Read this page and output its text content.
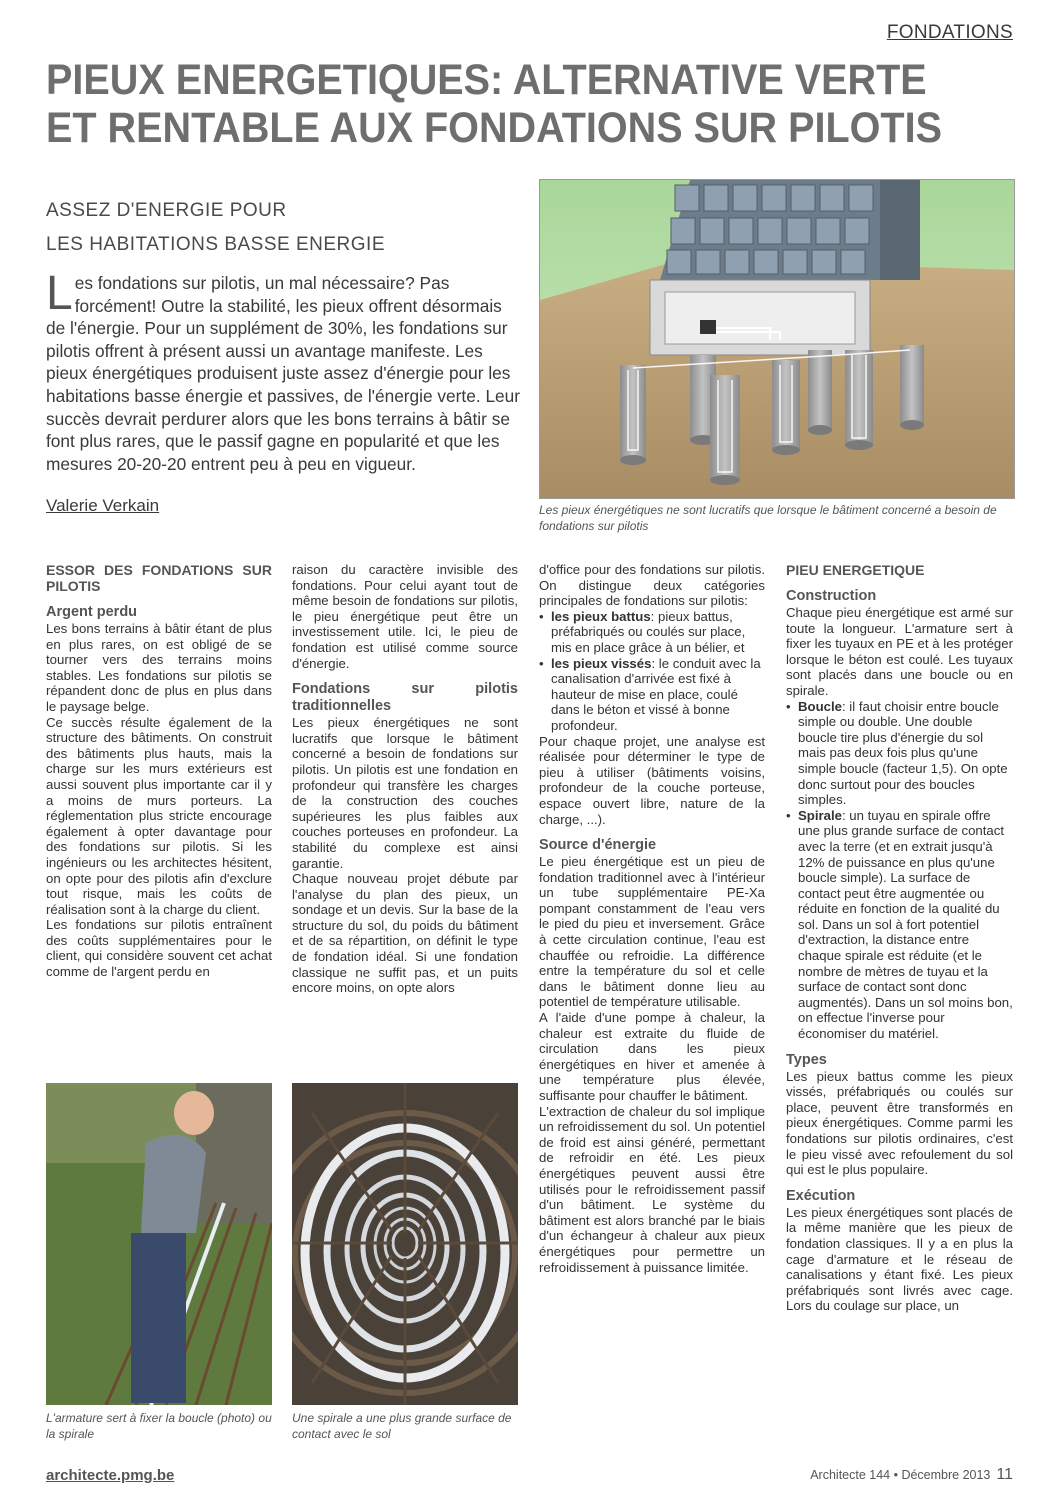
FONDATIONS
PIEUX ENERGETIQUES: ALTERNATIVE VERTE
ET RENTABLE AUX FONDATIONS SUR PILOTIS
ASSEZ D'ENERGIE POUR
LES HABITATIONS BASSE ENERGIE
Les fondations sur pilotis, un mal nécessaire? Pas forcément! Outre la stabilité, les pieux offrent désormais de l'énergie. Pour un supplément de 30%, les fondations sur pilotis offrent à présent aussi un avantage manifeste. Les pieux énergétiques produisent juste assez d'énergie pour les habitations basse énergie et passives, de l'énergie verte. Leur succès devrait perdurer alors que les bons terrains à bâtir se font plus rares, que le passif gagne en popularité et que les mesures 20-20-20 entrent peu à peu en vigueur.
Valerie Verkain	Les pieux énergétiques ne sont lucratifs que lorsque le bâtiment concerné a besoin de fondations sur pilotis
ESSOR DES FONDATIONS SUR PILOTIS
Argent perdu

Les bons terrains à bâtir étant de plus en plus rares, on est obligé de se tourner vers des terrains moins stables. Les fondations sur pilotis se répandent donc de plus en plus dans le paysage belge.

Ce succès résulte également de la structure des bâtiments. On construit des bâtiments plus hauts, mais la charge sur les murs extérieurs est aussi souvent plus importante car il y a moins de murs porteurs. La réglementation plus stricte encourage également à opter davantage pour des fondations sur pilotis. Si les ingénieurs ou les architectes hésitent, on opte pour des pilotis afin d'exclure tout risque, mais les coûts de réalisation sont à la charge du client.

Les fondations sur pilotis entraînent des coûts supplémentaires pour le client, qui considère souvent cet achat comme de l'argent perdu en

raison du caractère invisible des fondations. Pour celui ayant tout de même besoin de fondations sur pilotis, le pieu énergétique peut être un investissement utile. Ici, le pieu de fondation est utilisé comme source d'énergie.

Fondations sur pilotis traditionnelles

Les pieux énergétiques ne sont lucratifs que lorsque le bâtiment concerné a besoin de fondations sur pilotis. Un pilotis est une fondation en profondeur qui transfère les charges de la construction des couches supérieures les plus faibles aux couches porteuses en profondeur. La stabilité du complexe est ainsi garantie.

Chaque nouveau projet débute par l'analyse du plan des pieux, un sondage et un devis. Sur la base de la structure du sol, du poids du bâtiment et de sa répartition, on définit le type de fondation idéal. Si une fondation classique ne suffit pas, et un puits encore moins, on opte alors

L'armature sert à fixer la boucle (photo) ou la spirale
Une spirale a une plus grande surface de contact avec le sol

d'office pour des fondations sur pilotis. On distingue deux catégories principales de fondations sur pilotis:

• les pieux battus: pieux battus, préfabriqués ou coulés sur place, mis en place grâce à un bélier, et
• les pieux vissés: le conduit avec la canalisation d'arrivée est fixé à hauteur de mise en place, coulé dans le béton et vissé à bonne profondeur.

Pour chaque projet, une analyse est réalisée pour déterminer le type de pieu à utiliser (bâtiments voisins, profondeur de la couche porteuse, espace ouvert libre, nature de la charge, ...).

Source d'énergie

Le pieu énergétique est un pieu de fondation traditionnel avec à l'intérieur un tube supplémentaire PE-Xa pompant constamment de l'eau vers le pied du pieu et inversement. Grâce à cette circulation continue, l'eau est chauffée ou refroidie. La différence entre la température du sol et celle dans le bâtiment donne lieu au potentiel de température utilisable.

A l'aide d'une pompe à chaleur, la chaleur est extraite du fluide de circulation dans les pieux énergétiques en hiver et amenée à une température plus élevée, suffisante pour chauffer le bâtiment.

L'extraction de chaleur du sol implique un refroidissement du sol. Un potentiel de froid est ainsi généré, permettant de refroidir en été. Les pieux énergétiques peuvent aussi être utilisés pour le refroidissement passif d'un bâtiment. Le système du bâtiment est alors branché par le biais d'un échangeur à chaleur aux pieux énergétiques pour permettre un refroidissement à puissance limitée.

PIEU ENERGETIQUE
Construction

Chaque pieu énergétique est armé sur toute la longueur. L'armature sert à fixer les tuyaux en PE et à les protéger lorsque le béton est coulé. Les tuyaux sont placés dans une boucle ou en spirale.

• Boucle: il faut choisir entre boucle simple ou double. Une double boucle tire plus d'énergie du sol mais pas deux fois plus qu'une simple boucle (facteur 1,5). On opte donc surtout pour des boucles simples.
• Spirale: un tuyau en spirale offre une plus grande surface de contact avec la terre (et en extrait jusqu'à 12% de puissance en plus qu'une boucle simple). La surface de contact peut être augmentée ou réduite en fonction de la qualité du sol. Dans un sol à fort potentiel d'extraction, la distance entre chaque spirale est réduite (et le nombre de mètres de tuyau et la surface de contact sont donc augmentés). Dans un sol moins bon, on effectue l'inverse pour économiser du matériel.
Types

Les pieux battus comme les pieux vissés, préfabriqués ou coulés sur place, peuvent être transformés en pieux énergétiques. Comme parmi les fondations sur pilotis ordinaires, c'est le pieu vissé avec refoulement du sol qui est le plus populaire.

Exécution

Les pieux énergétiques sont placés de la même manière que les pieux de fondation classiques. Il y a en plus la cage d'armature et le réseau de canalisations y étant fixé. Les pieux préfabriqués sont livrés avec cage. Lors du coulage sur place, un

architecte.pmg.be	Architecte 144 • Décembre 2013 11
